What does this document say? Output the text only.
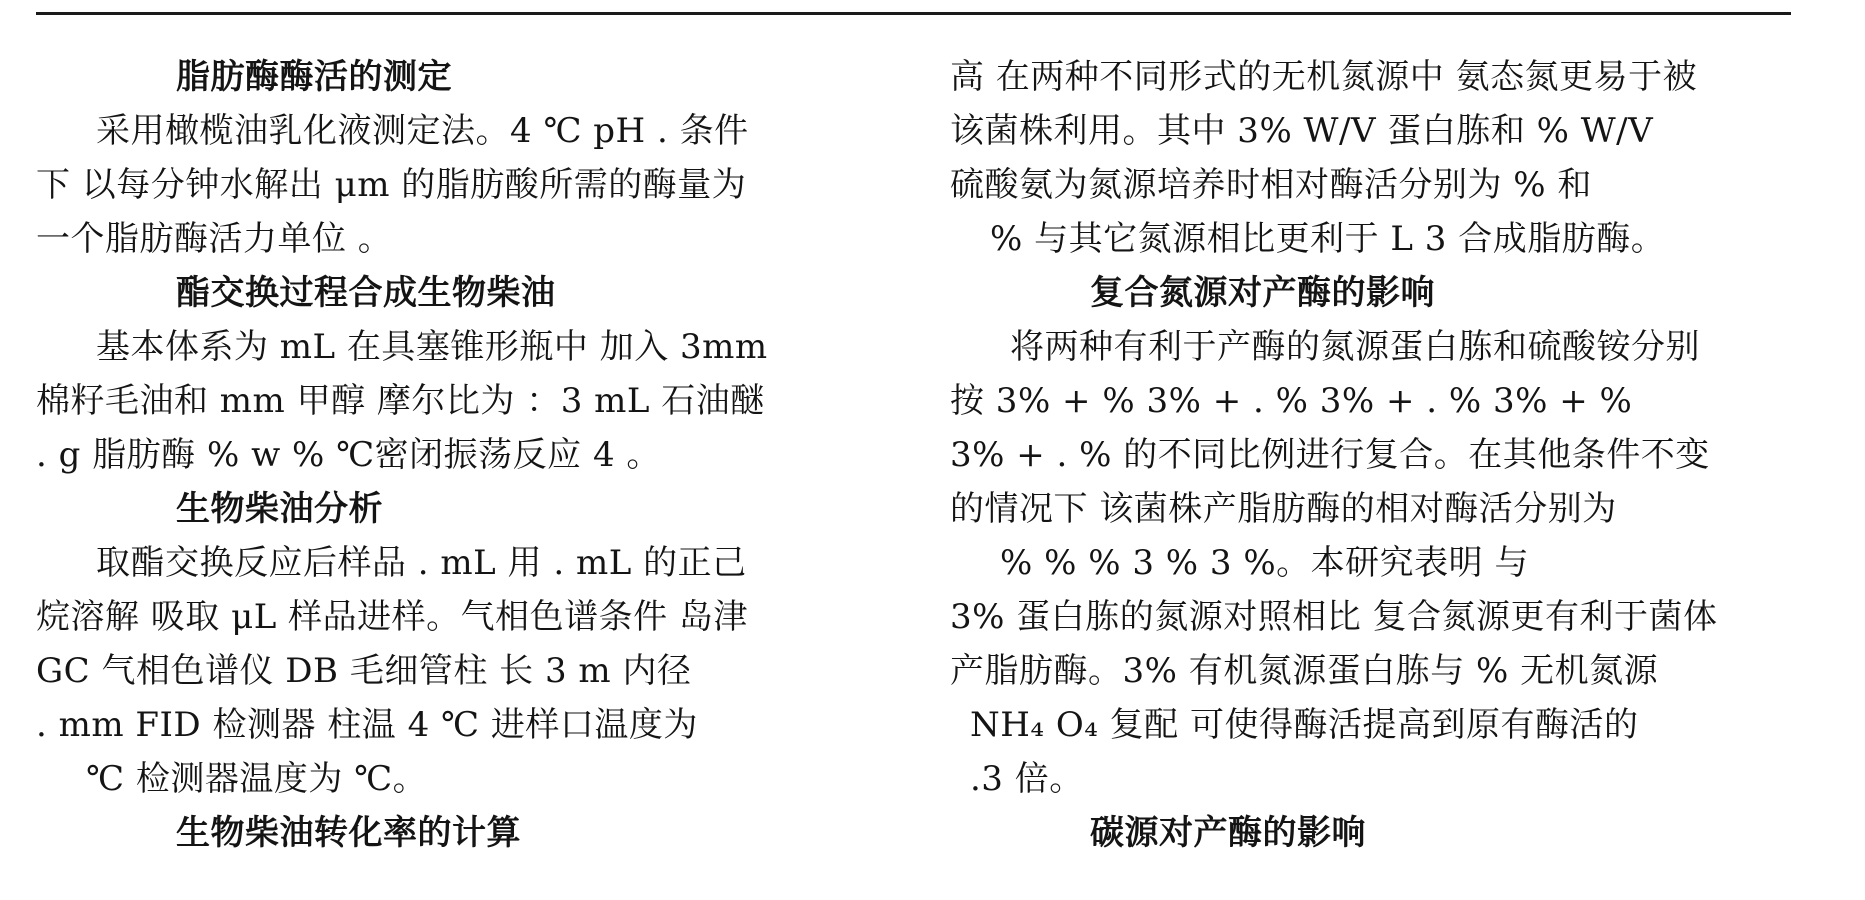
脂肪酶酶活的测定
采用橄榄油乳化液测定法。4 ℃ pH . 条件
下 以每分钟水解出 μm 的脂肪酸所需的酶量为
一个脂肪酶活力单位 。
酯交换过程合成生物柴油
基本体系为 mL 在具塞锥形瓶中 加入 3mm
棉籽毛油和 mm 甲醇 摩尔比为 ：3 mL 石油醚
. g 脂肪酶 % w % ℃密闭振荡反应 4 。
生物柴油分析
取酯交换反应后样品 . mL 用 . mL 的正己
烷溶解 吸取 μL 样品进样。气相色谱条件 岛津
GC 气相色谱仪 DB 毛细管柱 长 3 m 内径
. mm FID 检测器 柱温 4 ℃ 进样口温度为
℃ 检测器温度为 ℃。
生物柴油转化率的计算
高 在两种不同形式的无机氮源中 氨态氮更易于被
该菌株利用。其中 3% W/V 蛋白胨和 % W/V
硫酸氨为氮源培养时相对酶活分别为 % 和
% 与其它氮源相比更利于 L 3 合成脂肪酶。
复合氮源对产酶的影响
将两种有利于产酶的氮源蛋白胨和硫酸铵分别
按 3% + % 3% + . % 3% + . % 3% + %
3% + . % 的不同比例进行复合。在其他条件不变
的情况下 该菌株产脂肪酶的相对酶活分别为
% % % 3 % 3 %。本研究表明 与
3% 蛋白胨的氮源对照相比 复合氮源更有利于菌体
产脂肪酶。3% 有机氮源蛋白胨与 % 无机氮源
NH₄ O₄ 复配 可使得酶活提高到原有酶活的
.3 倍。
碳源对产酶的影响
